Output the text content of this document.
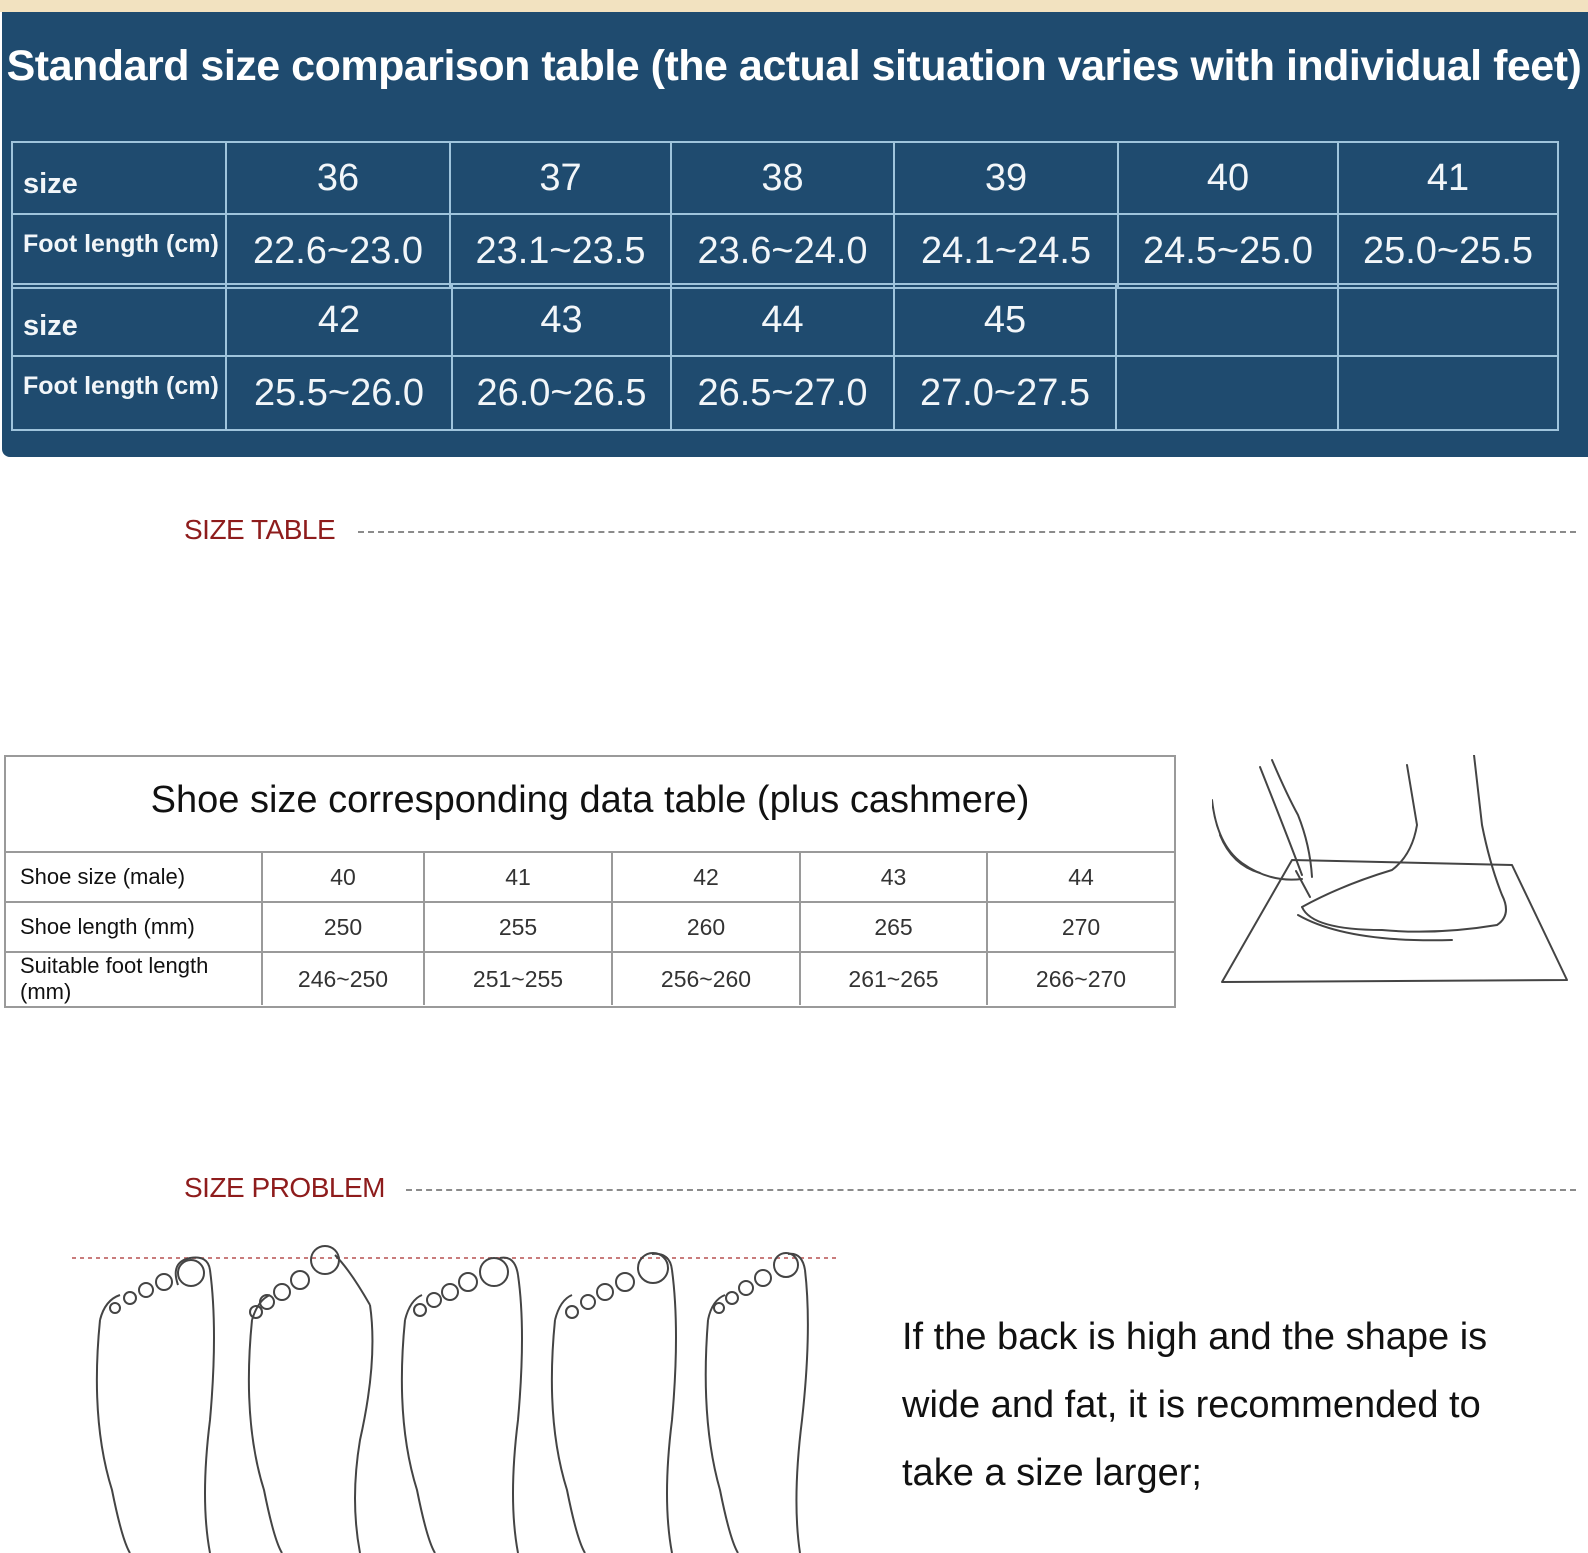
Standard size comparison table (the actual situation varies with individual feet)
size	36	37	38	39	40	41
Foot length (cm)	22.6~23.0	23.1~23.5	23.6~24.0	24.1~24.5	24.5~25.0	25.0~25.5
size	42	43	44	45		
Foot length (cm)	25.5~26.0	26.0~26.5	26.5~27.0	27.0~27.5		
SIZE TABLE
Shoe size corresponding data table (plus cashmere)
Shoe size (male)	40	41	42	43	44
Shoe length (mm)	250	255	260	265	270
Suitable foot length (mm)	246~250	251~255	256~260	261~265	266~270
SIZE PROBLEM
If the back is high and the shape is
wide and fat, it is recommended to
take a size larger;
